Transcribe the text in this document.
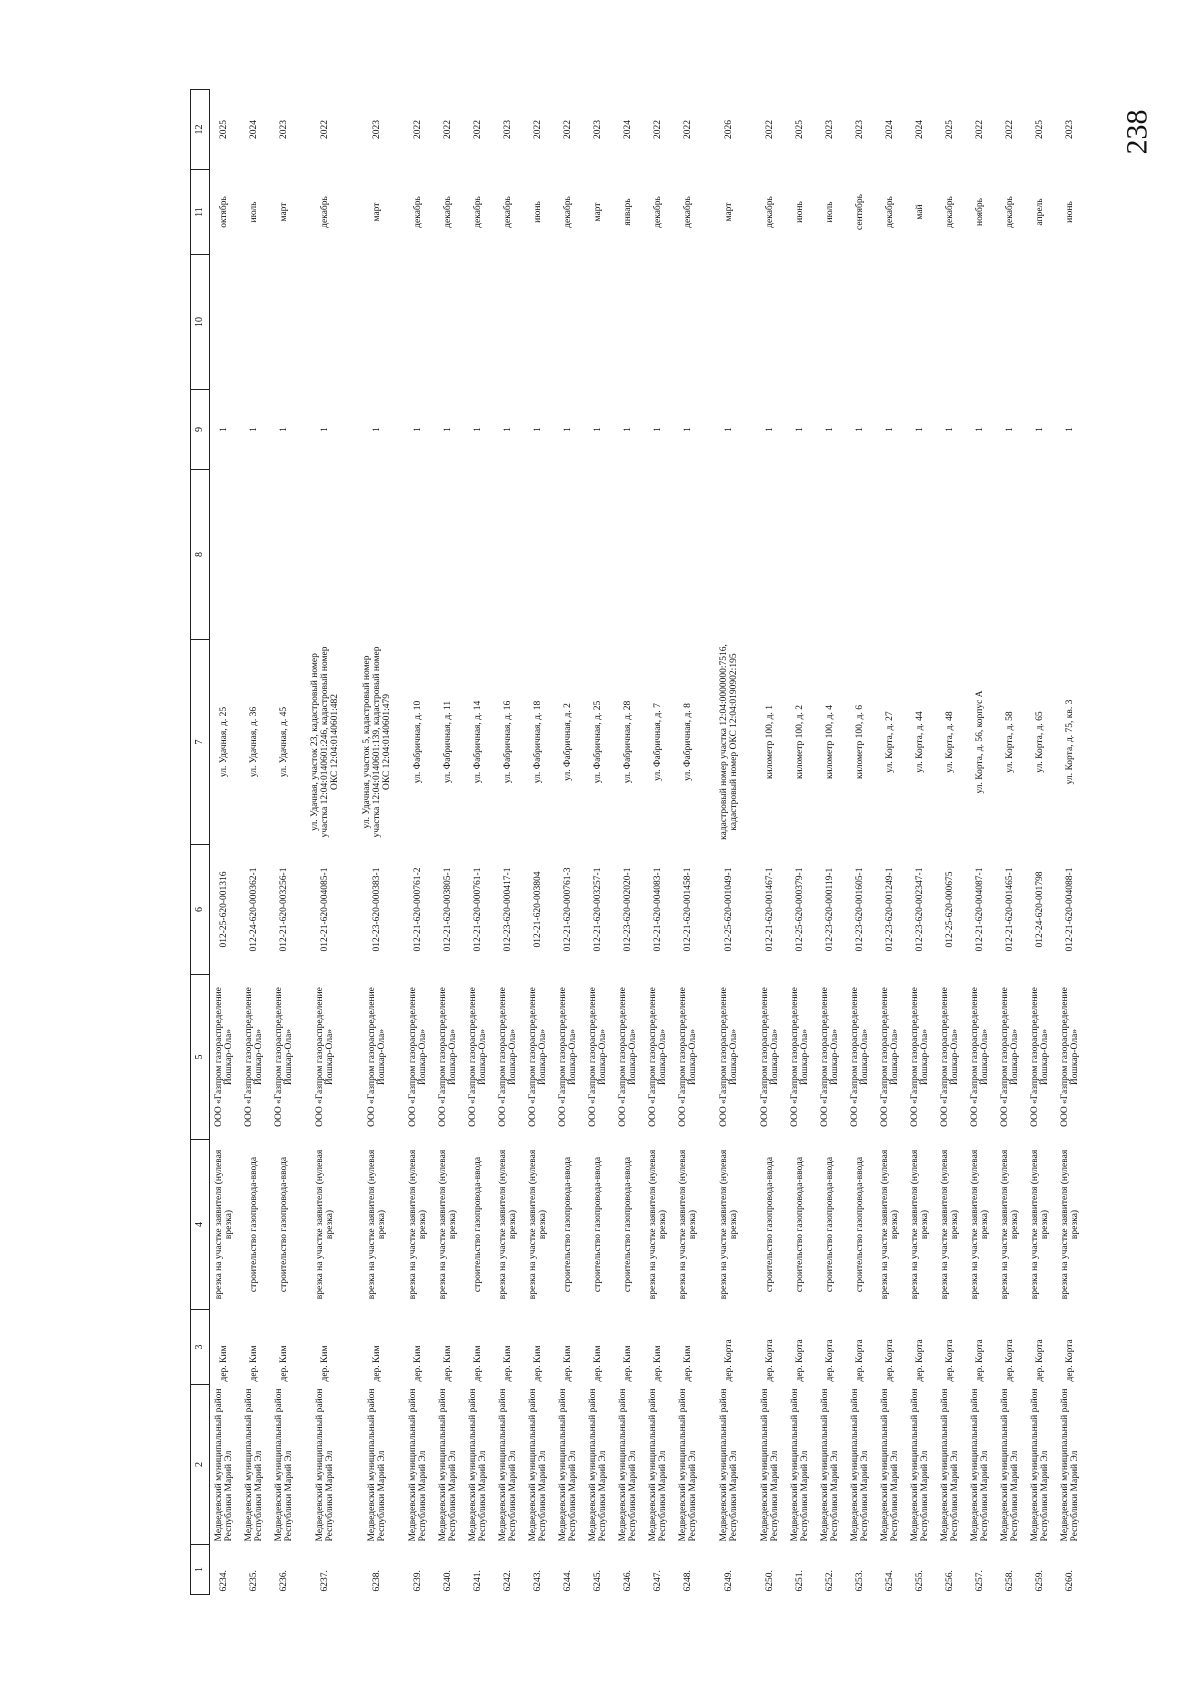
238
1	2	3	4	5	6	7	8	9	10	11	12
6234.	Медведевский муниципальный район Республики Марий Эл	дер. Ким	врезка на участке заявителя (нулевая врезка)	ООО «Газпром газораспределение Йошкар-Ола»	012-25-620-001316	ул. Удачная, д. 25		1		октябрь	2025
6235.	Медведевский муниципальный район Республики Марий Эл	дер. Ким	строительство газопровода-ввода	ООО «Газпром газораспределение Йошкар-Ола»	012-24-620-000362-1	ул. Удачная, д. 36		1		июль	2024
6236.	Медведевский муниципальный район Республики Марий Эл	дер. Ким	строительство газопровода-ввода	ООО «Газпром газораспределение Йошкар-Ола»	012-21-620-003256-1	ул. Удачная, д. 45		1		март	2023
6237.	Медведевский муниципальный район Республики Марий Эл	дер. Ким	врезка на участке заявителя (нулевая врезка)	ООО «Газпром газораспределение Йошкар-Ола»	012-21-620-004085-1	ул. Удачная, участок 23, кадастровый номер участка 12:04:0140601:246, кадастровый номер ОКС 12:04:0140601:482		1		декабрь	2022
6238.	Медведевский муниципальный район Республики Марий Эл	дер. Ким	врезка на участке заявителя (нулевая врезка)	ООО «Газпром газораспределение Йошкар-Ола»	012-23-620-000383-1	ул. Удачная, участок 5, кадастровый номер участка 12:04:0140601:139, кадастровый номер ОКС 12:04:0140601:479		1		март	2023
6239.	Медведевский муниципальный район Республики Марий Эл	дер. Ким	врезка на участке заявителя (нулевая врезка)	ООО «Газпром газораспределение Йошкар-Ола»	012-21-620-000761-2	ул. Фабричная, д. 10		1		декабрь	2022
6240.	Медведевский муниципальный район Республики Марий Эл	дер. Ким	врезка на участке заявителя (нулевая врезка)	ООО «Газпром газораспределение Йошкар-Ола»	012-21-620-003805-1	ул. Фабричная, д. 11		1		декабрь	2022
6241.	Медведевский муниципальный район Республики Марий Эл	дер. Ким	строительство газопровода-ввода	ООО «Газпром газораспределение Йошкар-Ола»	012-21-620-000761-1	ул. Фабричная, д. 14		1		декабрь	2022
6242.	Медведевский муниципальный район Республики Марий Эл	дер. Ким	врезка на участке заявителя (нулевая врезка)	ООО «Газпром газораспределение Йошкар-Ола»	012-23-620-000417-1	ул. Фабричная, д. 16		1		декабрь	2023
6243.	Медведевский муниципальный район Республики Марий Эл	дер. Ким	врезка на участке заявителя (нулевая врезка)	ООО «Газпром газораспределение Йошкар-Ола»	012-21-620-003804	ул. Фабричная, д. 18		1		июнь	2022
6244.	Медведевский муниципальный район Республики Марий Эл	дер. Ким	строительство газопровода-ввода	ООО «Газпром газораспределение Йошкар-Ола»	012-21-620-000761-3	ул. Фабричная, д. 2		1		декабрь	2022
6245.	Медведевский муниципальный район Республики Марий Эл	дер. Ким	строительство газопровода-ввода	ООО «Газпром газораспределение Йошкар-Ола»	012-21-620-003257-1	ул. Фабричная, д. 25		1		март	2023
6246.	Медведевский муниципальный район Республики Марий Эл	дер. Ким	строительство газопровода-ввода	ООО «Газпром газораспределение Йошкар-Ола»	012-23-620-002020-1	ул. Фабричная, д. 28		1		январь	2024
6247.	Медведевский муниципальный район Республики Марий Эл	дер. Ким	врезка на участке заявителя (нулевая врезка)	ООО «Газпром газораспределение Йошкар-Ола»	012-21-620-004083-1	ул. Фабричная, д. 7		1		декабрь	2022
6248.	Медведевский муниципальный район Республики Марий Эл	дер. Ким	врезка на участке заявителя (нулевая врезка)	ООО «Газпром газораспределение Йошкар-Ола»	012-21-620-001458-1	ул. Фабричная, д. 8		1		декабрь	2022
6249.	Медведевский муниципальный район Республики Марий Эл	дер. Корта	врезка на участке заявителя (нулевая врезка)	ООО «Газпром газораспределение Йошкар-Ола»	012-25-620-001049-1	кадастровый номер участка 12:04:0000000:7516, кадастровый номер ОКС 12:04:0190902:195		1		март	2026
6250.	Медведевский муниципальный район Республики Марий Эл	дер. Корта	строительство газопровода-ввода	ООО «Газпром газораспределение Йошкар-Ола»	012-21-620-001467-1	километр 100, д. 1		1		декабрь	2022
6251.	Медведевский муниципальный район Республики Марий Эл	дер. Корта	строительство газопровода-ввода	ООО «Газпром газораспределение Йошкар-Ола»	012-25-620-000379-1	километр 100, д. 2		1		июнь	2025
6252.	Медведевский муниципальный район Республики Марий Эл	дер. Корта	строительство газопровода-ввода	ООО «Газпром газораспределение Йошкар-Ола»	012-23-620-000119-1	километр 100, д. 4		1		июль	2023
6253.	Медведевский муниципальный район Республики Марий Эл	дер. Корта	строительство газопровода-ввода	ООО «Газпром газораспределение Йошкар-Ола»	012-23-620-001605-1	километр 100, д. 6		1		сентябрь	2023
6254.	Медведевский муниципальный район Республики Марий Эл	дер. Корта	врезка на участке заявителя (нулевая врезка)	ООО «Газпром газораспределение Йошкар-Ола»	012-23-620-001249-1	ул. Корта, д. 27		1		декабрь	2024
6255.	Медведевский муниципальный район Республики Марий Эл	дер. Корта	врезка на участке заявителя (нулевая врезка)	ООО «Газпром газораспределение Йошкар-Ола»	012-23-620-002347-1	ул. Корта, д. 44		1		май	2024
6256.	Медведевский муниципальный район Республики Марий Эл	дер. Корта	врезка на участке заявителя (нулевая врезка)	ООО «Газпром газораспределение Йошкар-Ола»	012-25-620-000675	ул. Корта, д. 48		1		декабрь	2025
6257.	Медведевский муниципальный район Республики Марий Эл	дер. Корта	врезка на участке заявителя (нулевая врезка)	ООО «Газпром газораспределение Йошкар-Ола»	012-21-620-004087-1	ул. Корта, д. 56, корпус А		1		ноябрь	2022
6258.	Медведевский муниципальный район Республики Марий Эл	дер. Корта	врезка на участке заявителя (нулевая врезка)	ООО «Газпром газораспределение Йошкар-Ола»	012-21-620-001465-1	ул. Корта, д. 58		1		декабрь	2022
6259.	Медведевский муниципальный район Республики Марий Эл	дер. Корта	врезка на участке заявителя (нулевая врезка)	ООО «Газпром газораспределение Йошкар-Ола»	012-24-620-001798	ул. Корта, д. 65		1		апрель	2025
6260.	Медведевский муниципальный район Республики Марий Эл	дер. Корта	врезка на участке заявителя (нулевая врезка)	ООО «Газпром газораспределение Йошкар-Ола»	012-21-620-004088-1	ул. Корта, д. 75, кв. 3		1		июнь	2023
